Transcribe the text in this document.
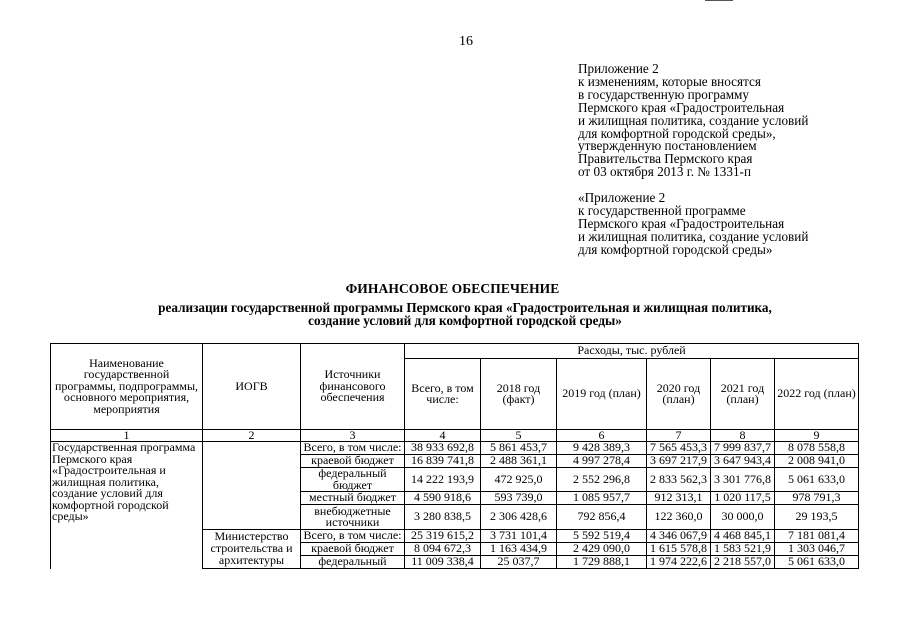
16
Приложение 2
к изменениям, которые вносятся
в государственную программу
Пермского края «Градостроительная
и жилищная политика, создание условий
для комфортной городской среды»,
утвержденную постановлением
Правительства Пермского края
от 03 октября 2013 г. № 1331-п
«Приложение 2
к государственной программе
Пермского края «Градостроительная
и жилищная политика, создание условий
для комфортной городской среды»
ФИНАНСОВОЕ ОБЕСПЕЧЕНИЕ
реализации государственной программы Пермского края «Градостроительная и жилищная политика,
создание условий для комфортной городской среды»
Наименование государственной программы, подпрограммы, основного мероприятия, мероприятия	ИОГВ	Источники финансового обеспечения	Расходы, тыс. рублей					
			Всего, в том числе:	2018 год (факт)	2019 год (план)	2020 год (план)	2021 год (план)	2022 год (план)
1	2	3	4	5	6	7	8	9
Государственная программа Пермского края «Градостроительная и жилищная политика, создание условий для комфортной городской среды»		Всего, в том числе:	38 933 692,8	5 861 453,7	9 428 389,3	7 565 453,3	7 999 837,7	8 078 558,8
		краевой бюджет	16 839 741,8	2 488 361,1	4 997 278,4	3 697 217,9	3 647 943,4	2 008 941,0
		федеральный бюджет	14 222 193,9	472 925,0	2 552 296,8	2 833 562,3	3 301 776,8	5 061 633,0
		местный бюджет	4 590 918,6	593 739,0	1 085 957,7	912 313,1	1 020 117,5	978 791,3
		внебюджетные источники	3 280 838,5	2 306 428,6	792 856,4	122 360,0	30 000,0	29 193,5
	Министерство строительства и архитектуры	Всего, в том числе:	25 319 615,2	3 731 101,4	5 592 519,4	4 346 067,9	4 468 845,1	7 181 081,4
		краевой бюджет	8 094 672,3	1 163 434,9	2 429 090,0	1 615 578,8	1 583 521,9	1 303 046,7
		федеральный	11 009 338,4	25 037,7	1 729 888,1	1 974 222,6	2 218 557,0	5 061 633,0
